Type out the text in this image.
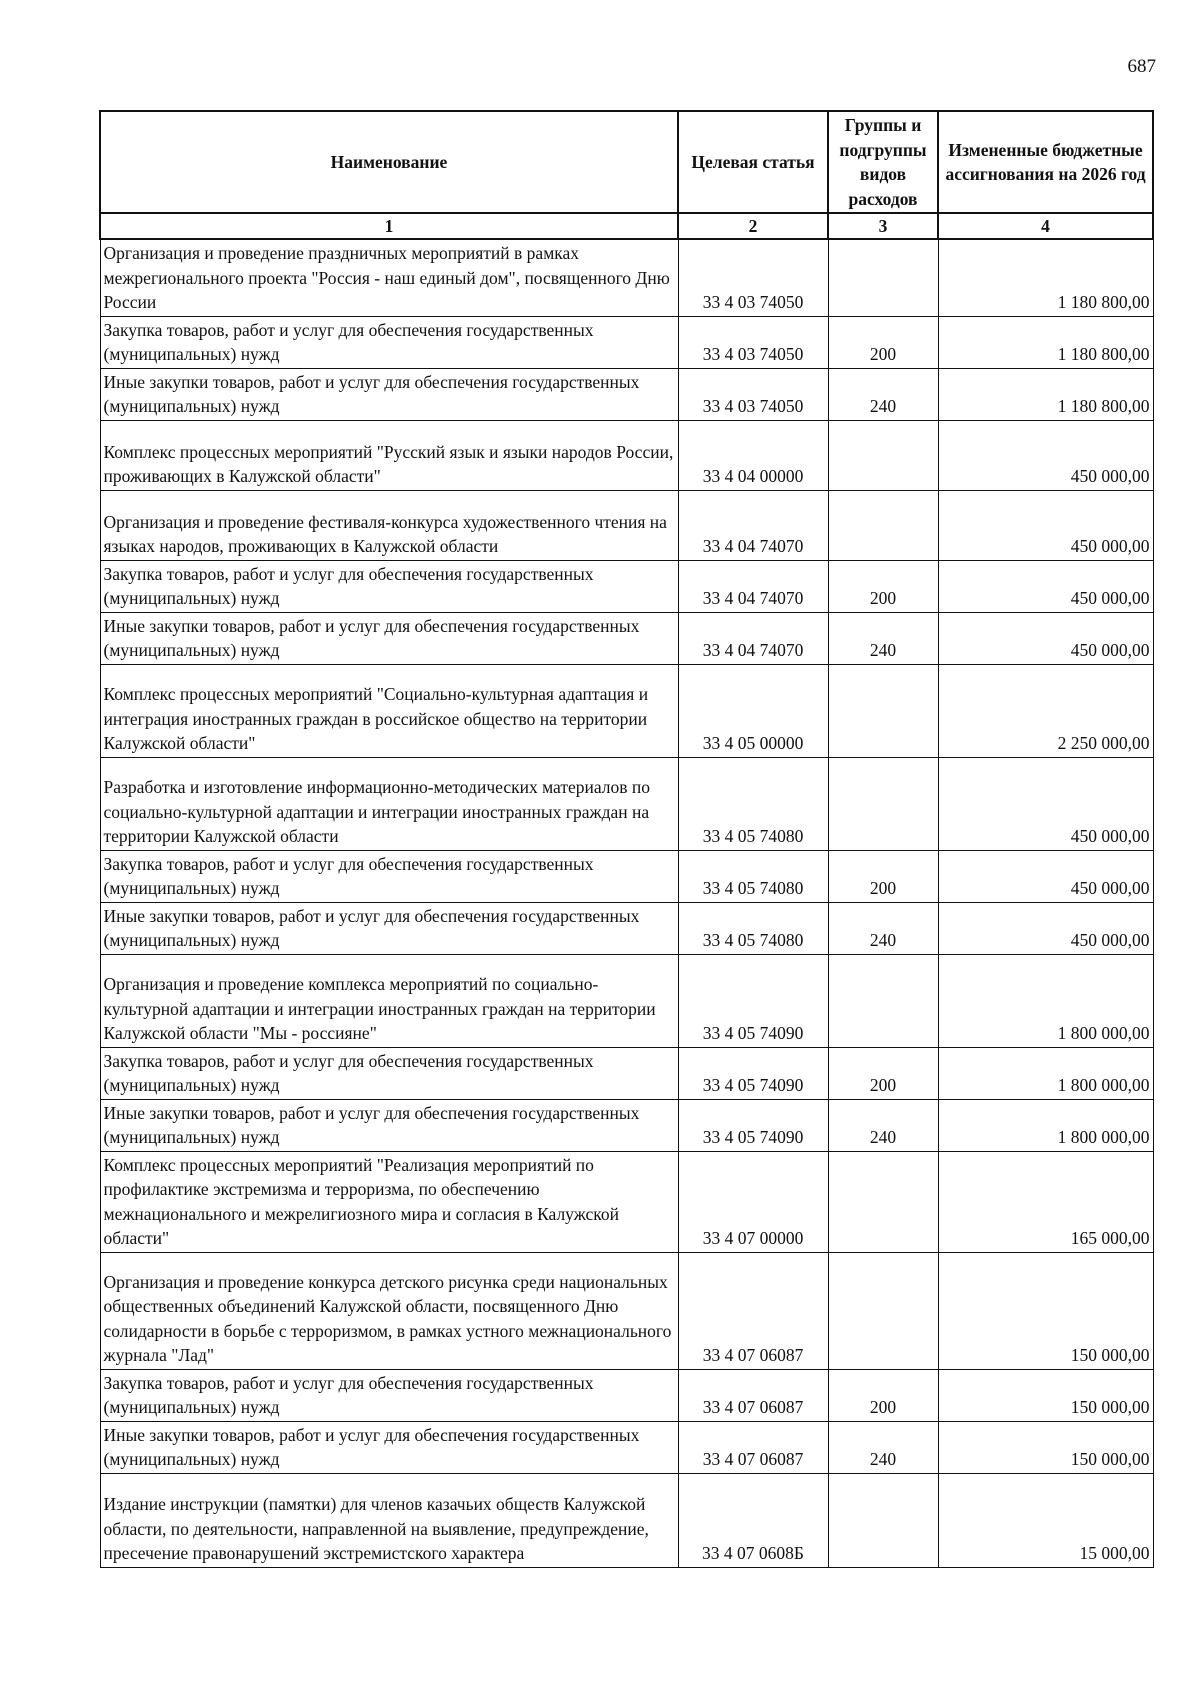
687
Наименование	Целевая статья	Группы и подгруппы видов расходов	Измененные бюджетные ассигнования на 2026 год
1	2	3	4
Организация и проведение праздничных мероприятий в рамках межрегионального проекта "Россия - наш единый дом", посвященного Дню России	33 4 03 74050		1 180 800,00
Закупка товаров, работ и услуг для обеспечения государственных (муниципальных) нужд	33 4 03 74050	200	1 180 800,00
Иные закупки товаров, работ и услуг для обеспечения государственных (муниципальных) нужд	33 4 03 74050	240	1 180 800,00
Комплекс процессных мероприятий "Русский язык и языки народов России, проживающих в Калужской области"	33 4 04 00000		450 000,00
Организация и проведение фестиваля-конкурса художественного чтения на языках народов, проживающих в Калужской области	33 4 04 74070		450 000,00
Закупка товаров, работ и услуг для обеспечения государственных (муниципальных) нужд	33 4 04 74070	200	450 000,00
Иные закупки товаров, работ и услуг для обеспечения государственных (муниципальных) нужд	33 4 04 74070	240	450 000,00
Комплекс процессных мероприятий "Социально-культурная адаптация и интеграция иностранных граждан в российское общество на территории Калужской области"	33 4 05 00000		2 250 000,00
Разработка и изготовление информационно-методических материалов по социально-культурной адаптации и интеграции иностранных граждан на территории Калужской области	33 4 05 74080		450 000,00
Закупка товаров, работ и услуг для обеспечения государственных (муниципальных) нужд	33 4 05 74080	200	450 000,00
Иные закупки товаров, работ и услуг для обеспечения государственных (муниципальных) нужд	33 4 05 74080	240	450 000,00
Организация и проведение комплекса мероприятий по социально-культурной адаптации и интеграции иностранных граждан на территории Калужской области "Мы - россияне"	33 4 05 74090		1 800 000,00
Закупка товаров, работ и услуг для обеспечения государственных (муниципальных) нужд	33 4 05 74090	200	1 800 000,00
Иные закупки товаров, работ и услуг для обеспечения государственных (муниципальных) нужд	33 4 05 74090	240	1 800 000,00
Комплекс процессных мероприятий "Реализация мероприятий по профилактике экстремизма и терроризма, по обеспечению межнационального и межрелигиозного мира и согласия в Калужской области"	33 4 07 00000		165 000,00
Организация и проведение конкурса детского рисунка среди национальных общественных объединений Калужской области, посвященного Дню солидарности в борьбе с терроризмом, в рамках устного межнационального журнала "Лад"	33 4 07 06087		150 000,00
Закупка товаров, работ и услуг для обеспечения государственных (муниципальных) нужд	33 4 07 06087	200	150 000,00
Иные закупки товаров, работ и услуг для обеспечения государственных (муниципальных) нужд	33 4 07 06087	240	150 000,00
Издание инструкции (памятки) для членов казачьих обществ Калужской области, по деятельности, направленной на выявление, предупреждение, пресечение правонарушений экстремистского характера	33 4 07 0608Б		15 000,00
